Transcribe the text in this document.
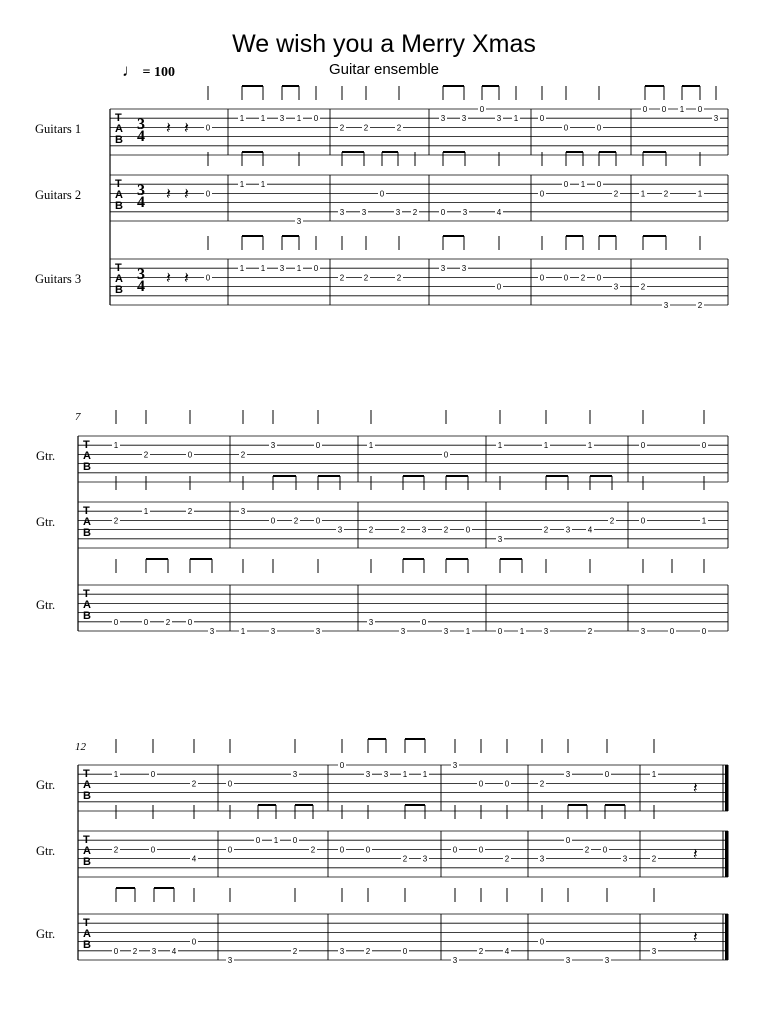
We wish you a Merry Xmas
Guitar ensemble
♩ = 100
Guitars 1
T
A
B
3
4 𝄽 𝄽 0
1 1 3 1 0
2 2	2
3 3
0
3 1	0
0	0
0 0 1 0
3
Guitars 2
T
A
B
3
4 𝄽 𝄽 0
1 1
3
3 3
0
3 2	0 3	4
0
0 1 0
2	1 2	1
Guitars 3
T
A
B
3
4 𝄽 𝄽 0
1 1 3 1 0
2 2	2
3 3
0
0 0 2 0
3	2
3	2
7
Gtr.
T
A
B
1
2	0	2
3	0	1
0
1	1	1	0	0
Gtr.
T
A
B
2
1	2	3
0 2 0
3	2	2 3 2 0
3
2 3 4
2	0	1
Gtr.
T
A
B
0	0 2 0
3	1	3	3
3
3
0
3 1	0 1 3	2	3	0	0
12
Gtr.
T
A
B	𝄽
1	0
2	0
3
0
3 3 1 1
3
0	0	2
3	0	1
Gtr.
T
A
B	𝄽
2	0
4
0
0 1 0
2	0	0
2 3
0	0
2	3
0
2 0
3	2
Gtr.
T
A
B	𝄽
0 2 3 4
0
3
2	3	2	0
3
2	4
0
3	3
3
